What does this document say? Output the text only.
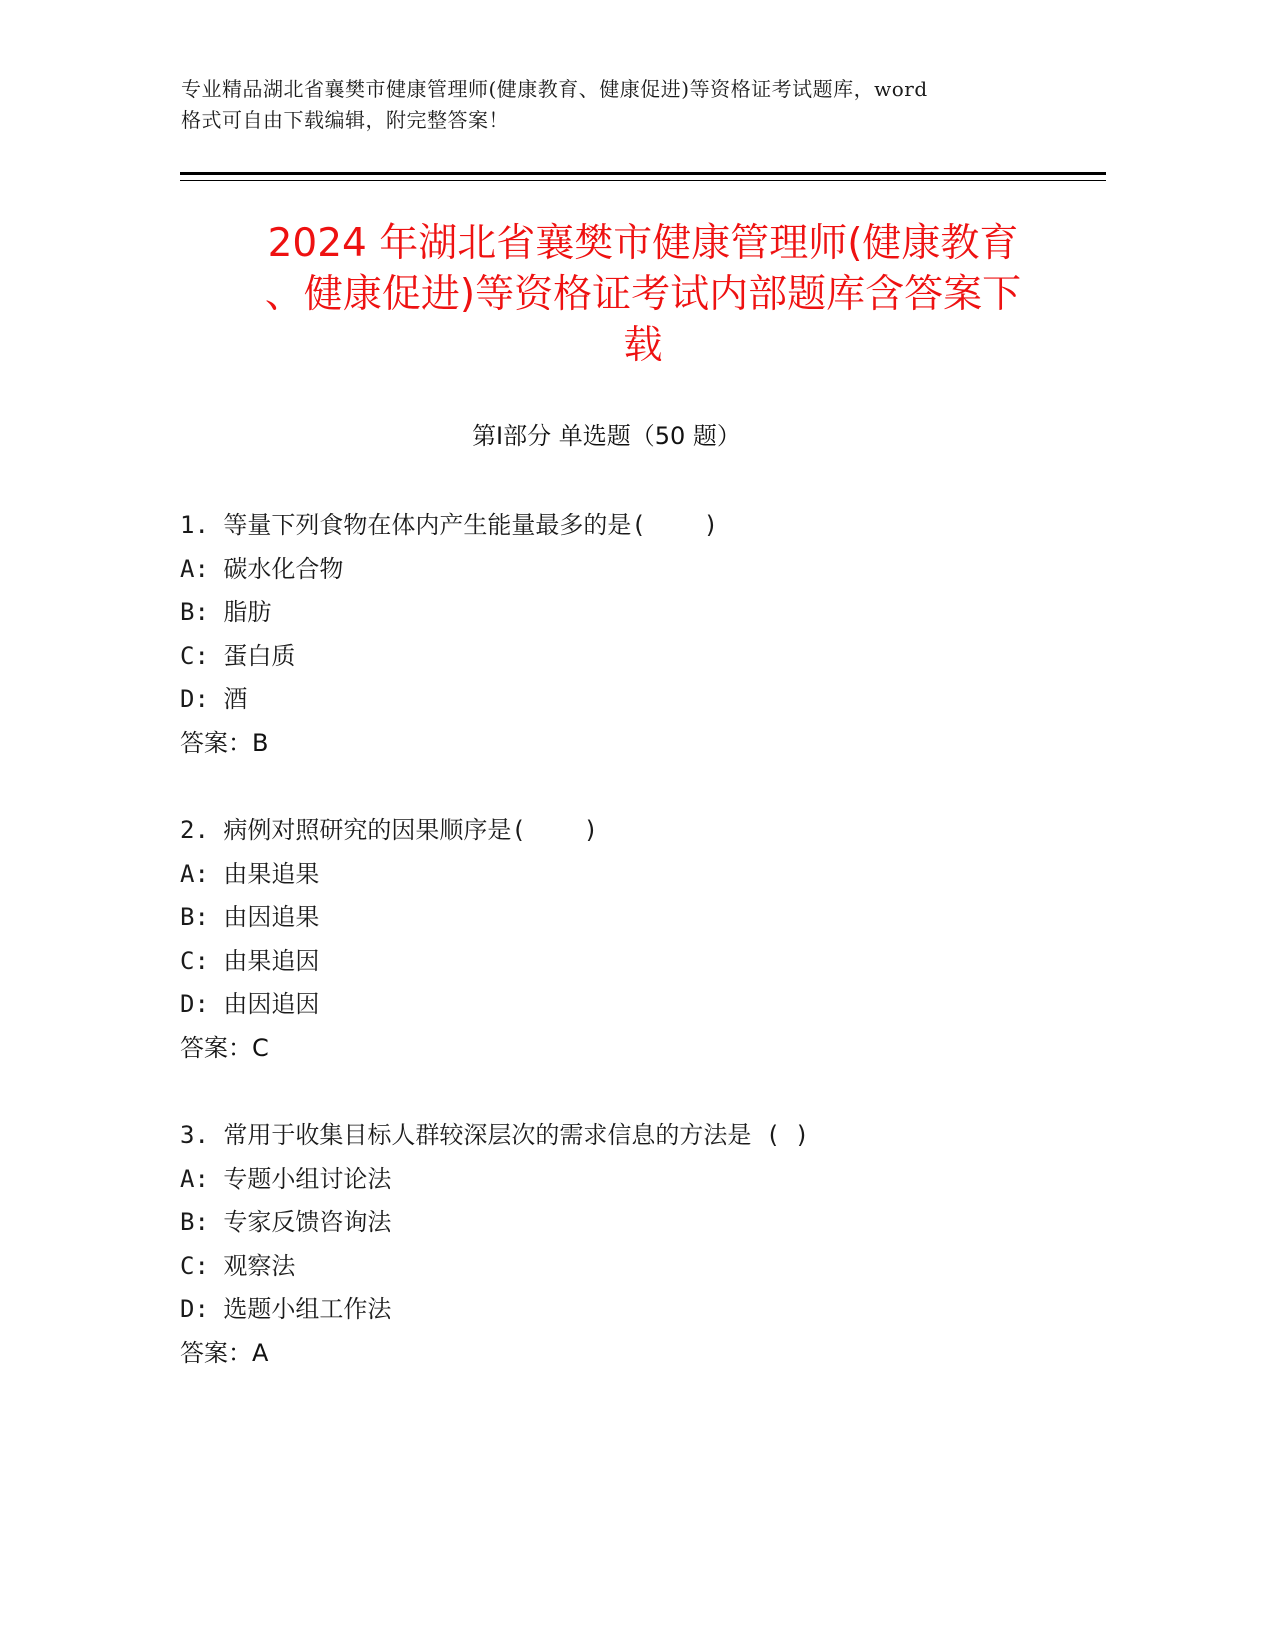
专业精品湖北省襄樊市健康管理师(健康教育、健康促进)等资格证考试题库，word
格式可自由下载编辑，附完整答案！
2024 年湖北省襄樊市健康管理师(健康教育
、健康促进)等资格证考试内部题库含答案下
载
第Ⅰ部分 单选题（50 题）
1. 等量下列食物在体内产生能量最多的是(    )
A: 碳水化合物
B: 脂肪
C: 蛋白质
D: 酒
答案：B
2. 病例对照研究的因果顺序是(    )
A: 由果追果
B: 由因追果
C: 由果追因
D: 由因追因
答案：C
3. 常用于收集目标人群较深层次的需求信息的方法是 ( )
A: 专题小组讨论法
B: 专家反馈咨询法
C: 观察法
D: 选题小组工作法
答案：A
